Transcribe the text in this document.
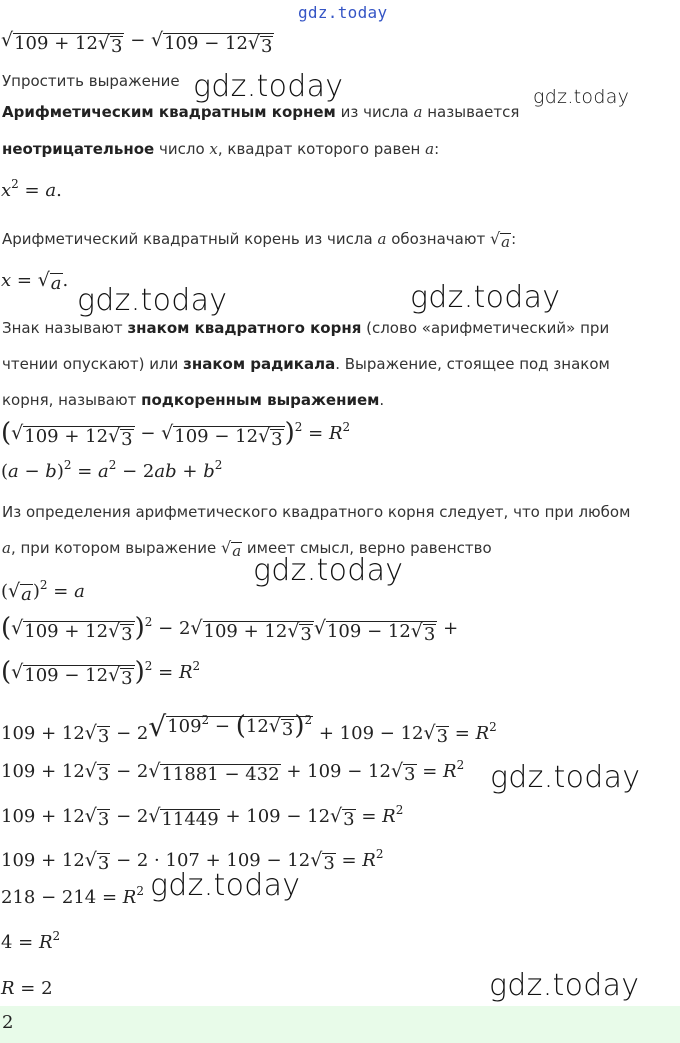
gdz.today
gdz.today	gdz.today
gdz.today	gdz.today
gdz.today
gdz.today
gdz.today
gdz.today
√ 109 + 12 √ 3 − √ 109 − 12 √ 3
Упростить выражение
Арифметическим квадратным корнем из числа a называется
неотрицательное число x, квадрат которого равен a:
$x^2 = a$.
Арифметический квадратный корень из числа a обозначают √ a :
x = √ a .
Знак называют знаком квадратного корня (слово «арифметический» при
чтении опускают) или знаком радикала. Выражение, стоящее под знаком
корня, называют подкоренным выражением.
( √ 109 + 12 √ 3 − √ 109 − 12 √ 3 )$^2 = R^2$
$(a - b)^2 = a^2 - 2ab + b^2$
Из определения арифметического квадратного корня следует, что при любом
a, при котором выражение √ a имеет смысл, верно равенство
( √ a )$^2$ = a
( √ 109 + 12 √ 3 )$^2$ − 2 √ 109 + 12 √ 3 √ 109 − 12 √ 3 +
( √ 109 − 12 √ 3 )$^2 = R^2$
109 + 12 √ 3 − 2 √ $109^2 - (12$ √ 3 )$^2$
+ 109 − 12 √ $3 = R^2$
109 + 12 √ 3 − 2 √ 11881 − 432 + 109 − 12 √ $3 = R^2$
109 + 12 √ 3 − 2 √ 11449 + 109 − 12 √ $3 = R^2$
109 + 12 √ 3 − 2 · 107 + 109 − 12 √ $3 = R^2$
$218 - 214 = R^2$
$4 = R^2$
R = 2
2
